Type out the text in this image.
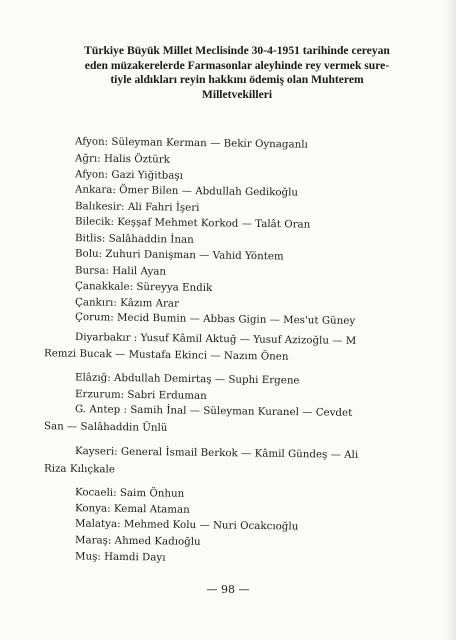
Türkiye Büyük Millet Meclisinde 30-4-1951 tarihinde cereyan
eden müzakerelerde Farmasonlar aleyhinde rey vermek sure-
tiyle aldıkları reyin hakkını ödemiş olan Muhterem
Milletvekilleri
Afyon: Süleyman Kerman — Bekir Oynaganlı
Ağrı: Halis Öztürk
Afyon: Gazi Yiğitbaşı
Ankara: Ömer Bilen — Abdullah Gedikoğlu
Balıkesir: Ali Fahri İşeri
Bilecik: Keşşaf Mehmet Korkod — Talât Oran
Bitlis: Salâhaddin İnan
Bolu: Zuhuri Danişman — Vahid Yöntem
Bursa: Halil Ayan
Çanakkale: Süreyya Endik
Çankırı: Kâzım Arar
Çorum: Mecid Bumin — Abbas Gigin — Mes'ut Güney
Diyarbakır : Yusuf Kâmil Aktuğ — Yusuf Azizoğlu — M
Remzi Bucak — Mustafa Ekinci — Nazım Önen
Elâzığ: Abdullah Demirtaş — Suphi Ergene
Erzurum: Sabri Erduman
G. Antep : Samih İnal — Süleyman Kuranel — Cevdet
San — Salâhaddin Ünlü
Kayseri: General İsmail Berkok — Kâmil Gündeş — Ali
Riza Kılıçkale
Kocaeli: Saim Önhun
Konya: Kemal Ataman
Malatya: Mehmed Kolu — Nuri Ocakcıoğlu
Maraş: Ahmed Kadıoğlu
Muş: Hamdi Dayı
— 98 —
